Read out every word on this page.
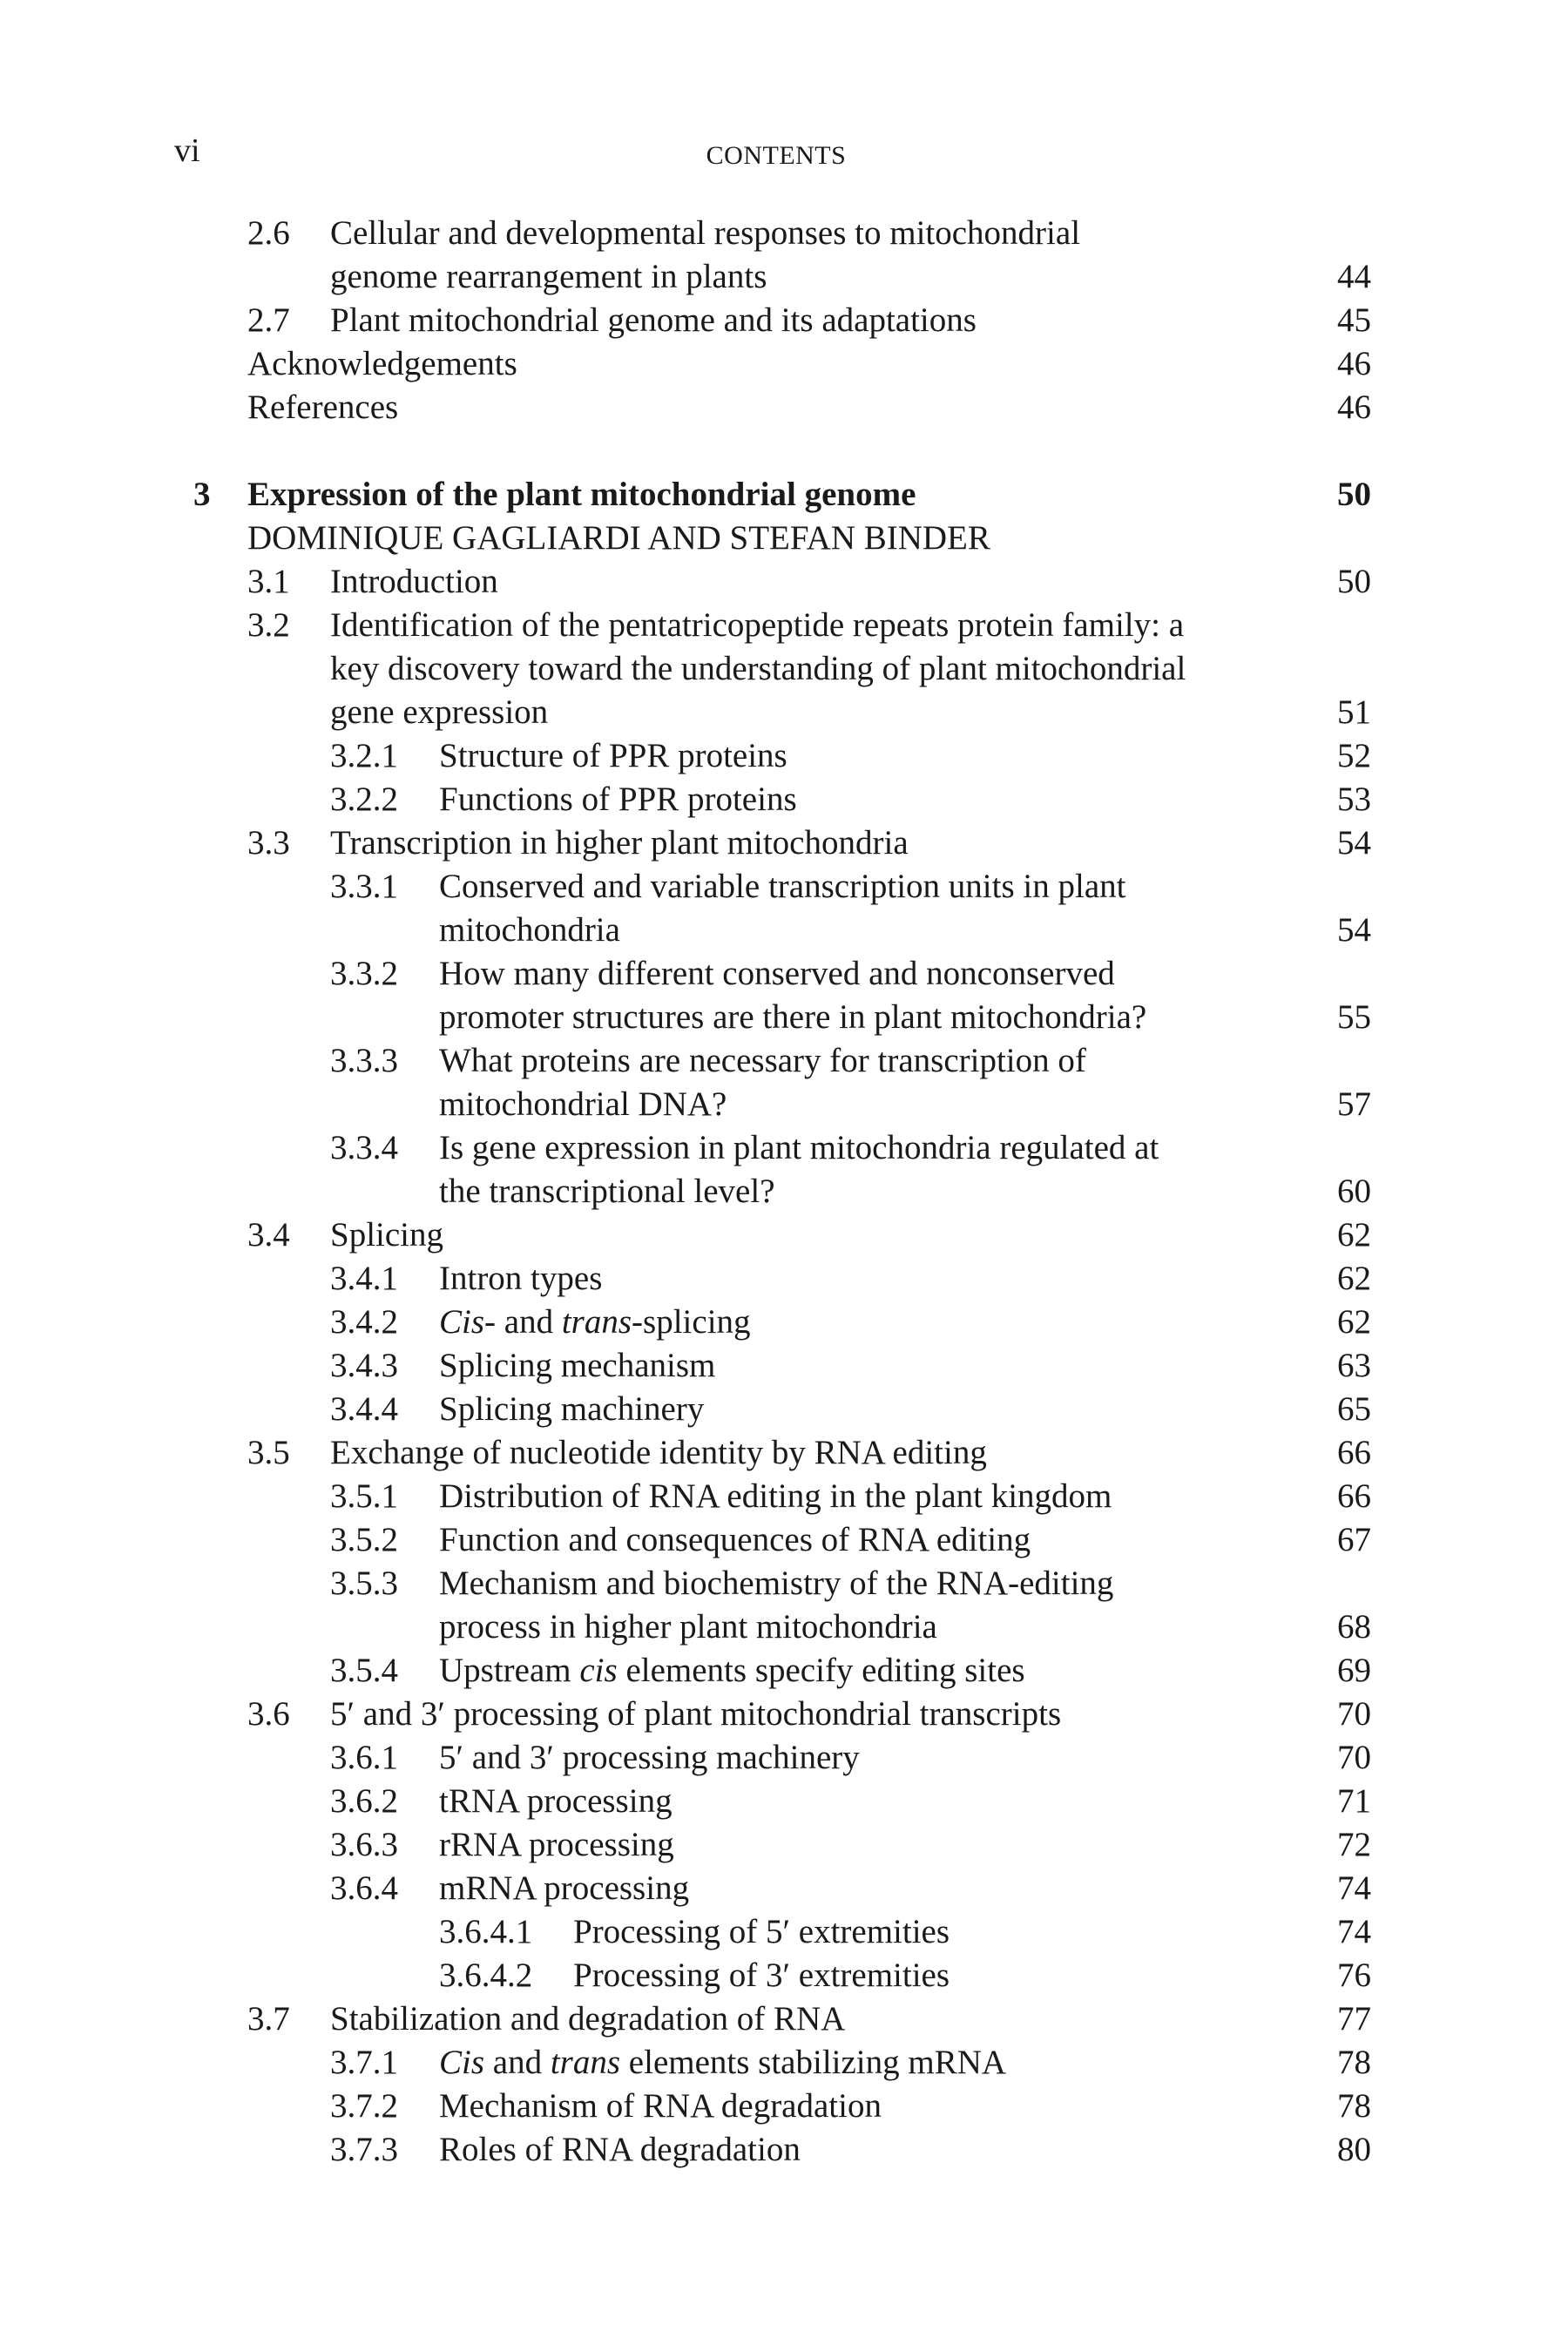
vi	CONTENTS
2.6 Cellular and developmental responses to mitochondrial
genome rearrangement in plants	44
2.7 Plant mitochondrial genome and its adaptations	45
Acknowledgements	46
References	46
3 Expression of the plant mitochondrial genome	50
DOMINIQUE GAGLIARDI AND STEFAN BINDER
3.1 Introduction	50
3.2 Identification of the pentatricopeptide repeats protein family: a
key discovery toward the understanding of plant mitochondrial
gene expression	51
3.2.1 Structure of PPR proteins	52
3.2.2 Functions of PPR proteins	53
3.3 Transcription in higher plant mitochondria	54
3.3.1 Conserved and variable transcription units in plant
mitochondria	54
3.3.2 How many different conserved and nonconserved
promoter structures are there in plant mitochondria?	55
3.3.3 What proteins are necessary for transcription of
mitochondrial DNA?	57
3.3.4 Is gene expression in plant mitochondria regulated at
the transcriptional level?	60
3.4 Splicing	62
3.4.1 Intron types	62
3.4.2 Cis- and trans-splicing	62
3.4.3 Splicing mechanism	63
3.4.4 Splicing machinery	65
3.5 Exchange of nucleotide identity by RNA editing	66
3.5.1 Distribution of RNA editing in the plant kingdom	66
3.5.2 Function and consequences of RNA editing	67
3.5.3 Mechanism and biochemistry of the RNA-editing
process in higher plant mitochondria	68
3.5.4 Upstream cis elements specify editing sites	69
3.6 5′ and 3′ processing of plant mitochondrial transcripts	70
3.6.1 5′ and 3′ processing machinery	70
3.6.2 tRNA processing	71
3.6.3 rRNA processing	72
3.6.4 mRNA processing	74
3.6.4.1 Processing of 5′ extremities	74
3.6.4.2 Processing of 3′ extremities	76
3.7 Stabilization and degradation of RNA	77
3.7.1 Cis and trans elements stabilizing mRNA	78
3.7.2 Mechanism of RNA degradation	78
3.7.3 Roles of RNA degradation	80
